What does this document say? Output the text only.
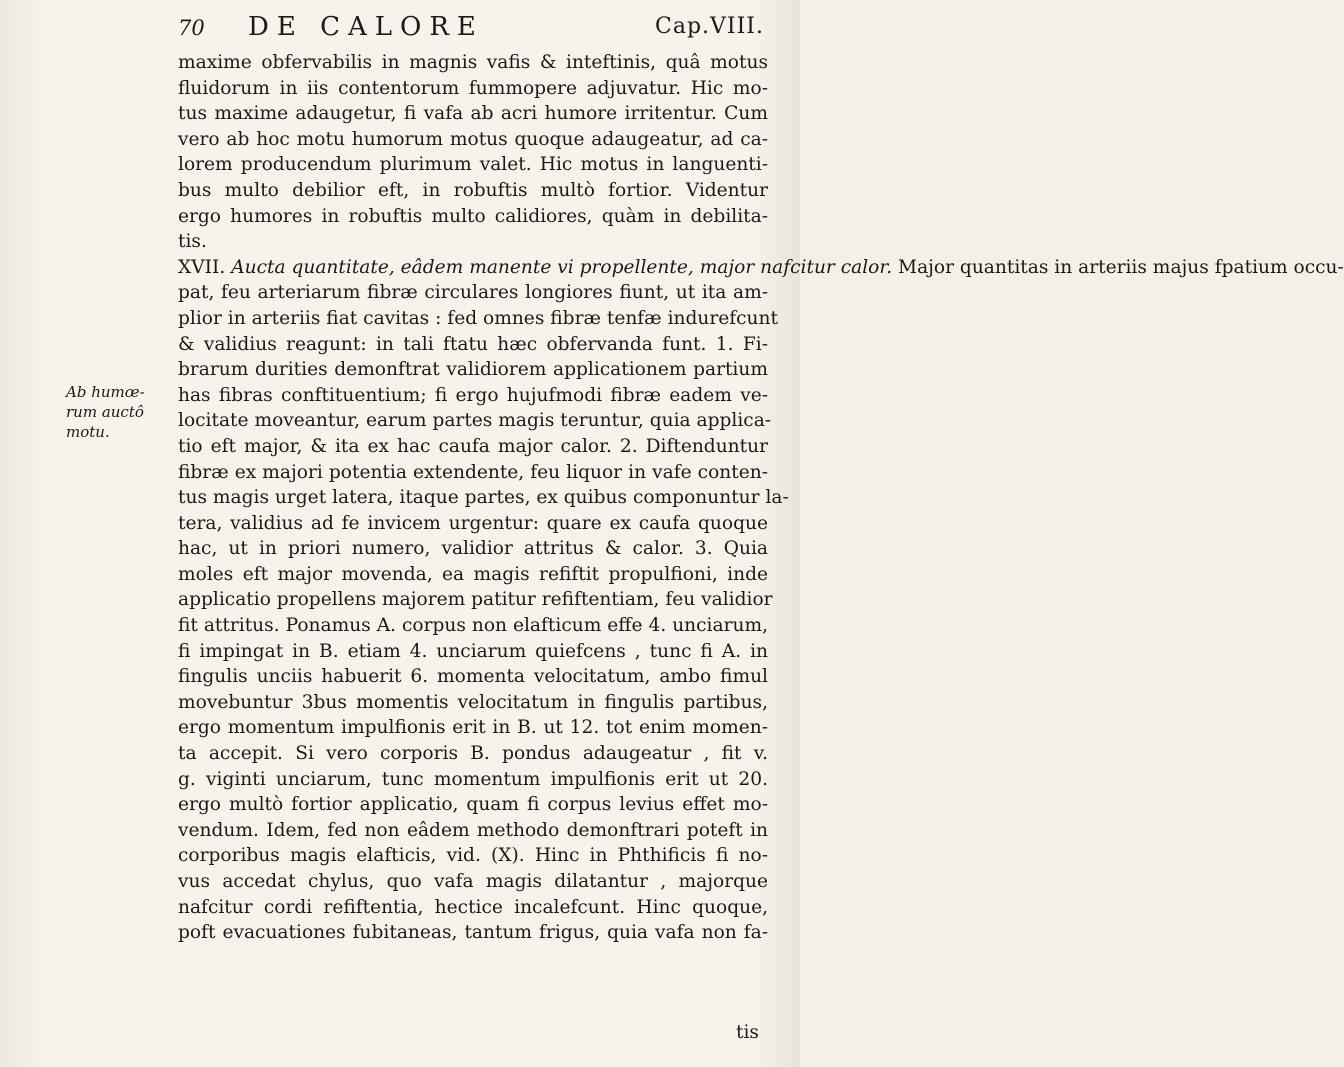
70 DE CALORE	Cap.VIII.
Ab humœ-
rum auctô
motu.
maxime obfervabilis in magnis vafis & inteftinis, quâ motus
fluidorum in iis contentorum fummopere adjuvatur. Hic mo-
tus maxime adaugetur, fi vafa ab acri humore irritentur. Cum
vero ab hoc motu humorum motus quoque adaugeatur, ad ca-
lorem producendum plurimum valet. Hic motus in languenti-
bus multo debilior eft, in robuftis multò fortior. Videntur
ergo humores in robuftis multo calidiores, quàm in debilita-
tis.
XVII. Aucta quantitate, eâdem manente vi propellente, major nafcitur calor. Major quantitas in arteriis majus fpatium occu-
pat, feu arteriarum fibræ circulares longiores fiunt, ut ita am-
plior in arteriis fiat cavitas : fed omnes fibræ tenfæ indurefcunt
& validius reagunt: in tali ftatu hæc obfervanda funt. 1. Fi-
brarum durities demonftrat validiorem applicationem partium
has fibras conftituentium; fi ergo hujufmodi fibræ eadem ve-
locitate moveantur, earum partes magis teruntur, quia applica-
tio eft major, & ita ex hac caufa major calor. 2. Diftenduntur
fibræ ex majori potentia extendente, feu liquor in vafe conten-
tus magis urget latera, itaque partes, ex quibus componuntur la-
tera, validius ad fe invicem urgentur: quare ex caufa quoque
hac, ut in priori numero, validior attritus & calor. 3. Quia
moles eft major movenda, ea magis refiftit propulfioni, inde
applicatio propellens majorem patitur refiftentiam, feu validior
fit attritus. Ponamus A. corpus non elafticum effe 4. unciarum,
fi impingat in B. etiam 4. unciarum quiefcens , tunc fi A. in
fingulis unciis habuerit 6. momenta velocitatum, ambo fimul
movebuntur 3bus momentis velocitatum in fingulis partibus,
ergo momentum impulfionis erit in B. ut 12. tot enim momen-
ta accepit. Si vero corporis B. pondus adaugeatur , fit v.
g. viginti unciarum, tunc momentum impulfionis erit ut 20.
ergo multò fortior applicatio, quam fi corpus levius effet mo-
vendum. Idem, fed non eâdem methodo demonftrari poteft in
corporibus magis elafticis, vid. (X). Hinc in Phthificis fi no-
vus accedat chylus, quo vafa magis dilatantur , majorque
nafcitur cordi refiftentia, hectice incalefcunt. Hinc quoque,
poft evacuationes fubitaneas, tantum frigus, quia vafa non fa-
tis
